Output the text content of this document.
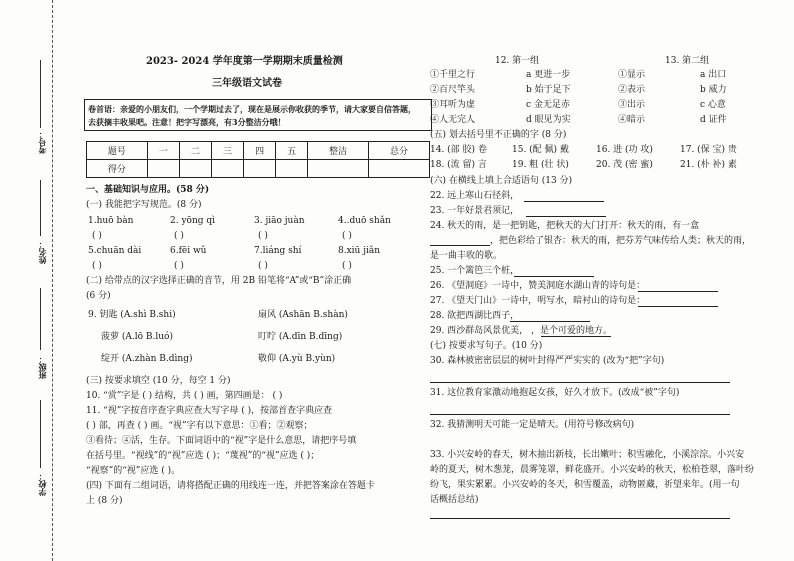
考号：
姓名：
班级：
学校：
2023- 2024 学年度第一学期期末质量检测
三年级语文试卷
卷首语：亲爱的小朋友们，一个学期过去了，现在是展示你收获的季节，请大家要自信答题，
去获摘丰收果吧。注意！把字写漂亮，有3分整洁分哦！
题号	一	二	三	四	五	整洁	总分
得分							
一、基础知识与应用。(58 分)
(一) 我能把字写规范。(8 分)
1.huō bàn	2. yōng qì	3. jiāo juàn	4..duō shǎn
( )	( )	( )	( )
5.chuān dài	6.fēi wǔ	7.liáng shí	8.xiū jiǎn
( )	( )	( )	( )
(二) 给带点的汉字选择正确的音节，用 2B 铅笔将“A”或“B”涂正确
(6 分)
9. 钥匙 (A.shì B.shi)	扇风 (Ashān B.shàn)
菠萝 (A.lō B.luó)	叮咛 (A.dīn B.dīng)
绽开 (A.zhàn B.dìng)	敬仰 (A.yù B.yùn)
(三) 按要求填空 (10 分，每空 1 分)
10. “赏”字是 ( ) 结构，共 ( ) 画，第四画是： ( )
11. “视”字按音序查字典应查大写字母 ( )，按部首查字典应查
( ) 部，再查 ( ) 画。“视”字有以下意思：①看；②观察；
③看待；④活，生存。下面词语中的“视”字是什么意思，请把序号填
在括号里。“视线”的“视”应选 ( )；“蔑视”的“视”应选 ( )；
“视察”的“视”应选 ( )。
(四) 下面有二组词语，请将搭配正确的用线连一连，并把答案涂在答题卡
上 (8 分)
12. 第一组	13. 第二组
①千里之行	a 更进一步
②百尺竿头	b 始于足下
③耳听为虚	c 金无足赤
④人无完人	d 眼见为实
①显示	a 出口
②表示	b 威力
③出示	c 心意
④暗示	d 证件
(五) 划去括号里不正确的字 (8 分)
14. (部 胶) 卷	15. (配 佩) 戴	16. 进 (功 攻)	17. (保 宝) 贵
18. (流 留) 言	19. 粗 (壮 状)	20. 茂 (密 蜜)	21. (朴 补) 素
(六) 在横线上填上合适语句 (13 分)
22. 远上寒山石径斜，
23. 一年好景君须记，
24. 秋天的雨，是一把钥匙，把秋天的大门打开：秋天的雨，有一盒
，把色彩给了银杏：秋天的雨，把芬芳气味传给人类；秋天的雨，
是一曲丰收的歌。
25. 一个篱笆三个桩，
26. 《望洞庭》一诗中，赞美洞庭水湖山青的诗句是：
27. 《望天门山》一诗中，明写水，暗衬山的诗句是：
28. 欲把西湖比西子，
29. 西沙群岛风景优美， ，是个可爱的地方。
(七) 按要求写句子。(10 分)
30. 森林被密密层层的树叶封得严严实实的 (改为“把”字句)
31. 这位教育家激动地抱起女孩，好久才放下。(改成“被”字句)
32. 我猜测明天可能一定是晴天。(用符号修改病句)
33. 小兴安岭的春天，树木抽出新枝，长出嫩叶；积雪融化，小溪淙淙。小兴安
岭的夏天，树木葱茏，晨雾笼罩，鲜花盛开。小兴安岭的秋天，松柏苍翠，落叶纷
纷飞，果实累累。小兴安岭的冬天，积雪覆盖，动物匿藏，祈望来年。(用一句
话概括总结)
